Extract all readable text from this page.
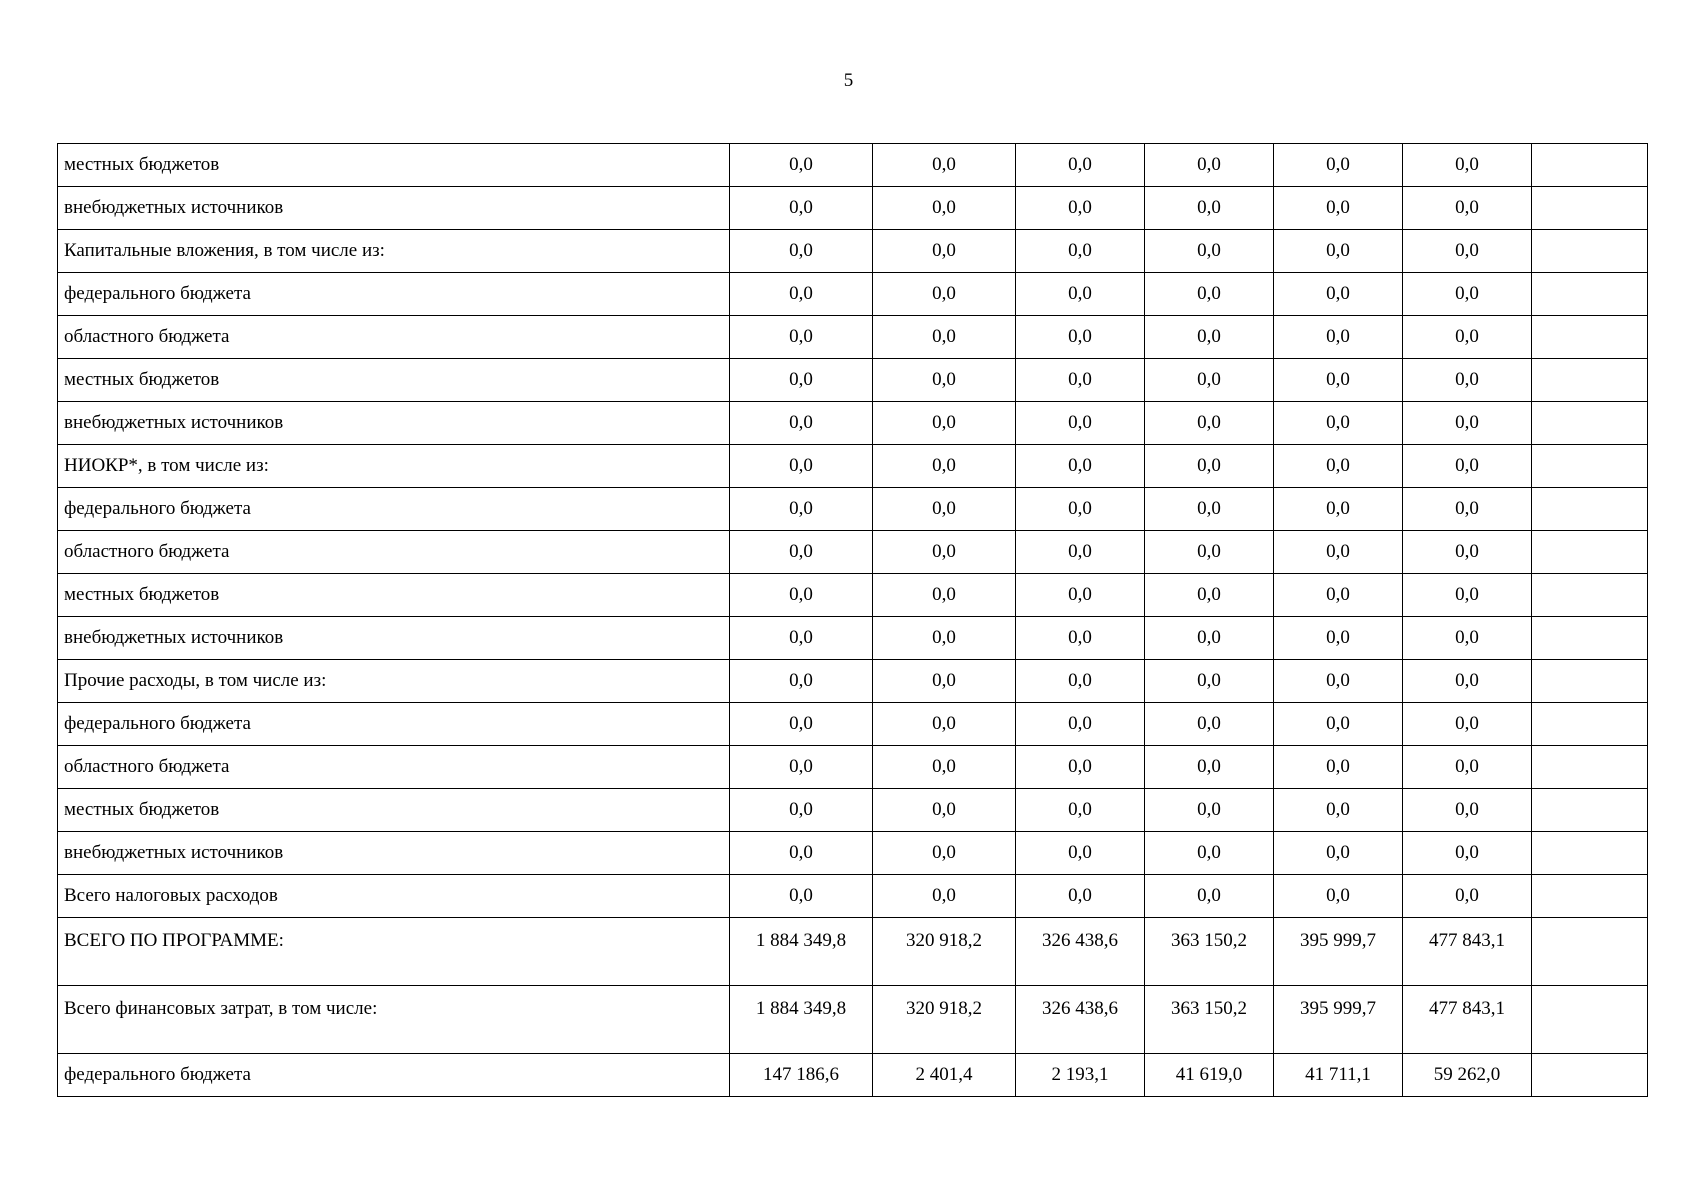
5
местных бюджетов	0,0	0,0	0,0	0,0	0,0	0,0	
внебюджетных источников	0,0	0,0	0,0	0,0	0,0	0,0	
Капитальные вложения, в том числе из:	0,0	0,0	0,0	0,0	0,0	0,0	
федерального бюджета	0,0	0,0	0,0	0,0	0,0	0,0	
областного бюджета	0,0	0,0	0,0	0,0	0,0	0,0	
местных бюджетов	0,0	0,0	0,0	0,0	0,0	0,0	
внебюджетных источников	0,0	0,0	0,0	0,0	0,0	0,0	
НИОКР*, в том числе из:	0,0	0,0	0,0	0,0	0,0	0,0	
федерального бюджета	0,0	0,0	0,0	0,0	0,0	0,0	
областного бюджета	0,0	0,0	0,0	0,0	0,0	0,0	
местных бюджетов	0,0	0,0	0,0	0,0	0,0	0,0	
внебюджетных источников	0,0	0,0	0,0	0,0	0,0	0,0	
Прочие расходы, в том числе из:	0,0	0,0	0,0	0,0	0,0	0,0	
федерального бюджета	0,0	0,0	0,0	0,0	0,0	0,0	
областного бюджета	0,0	0,0	0,0	0,0	0,0	0,0	
местных бюджетов	0,0	0,0	0,0	0,0	0,0	0,0	
внебюджетных источников	0,0	0,0	0,0	0,0	0,0	0,0	
Всего налоговых расходов	0,0	0,0	0,0	0,0	0,0	0,0	
ВСЕГО ПО ПРОГРАММЕ:	1 884 349,8	320 918,2	326 438,6	363 150,2	395 999,7	477 843,1	
Всего финансовых затрат, в том числе:	1 884 349,8	320 918,2	326 438,6	363 150,2	395 999,7	477 843,1	
федерального бюджета	147 186,6	2 401,4	2 193,1	41 619,0	41 711,1	59 262,0	
